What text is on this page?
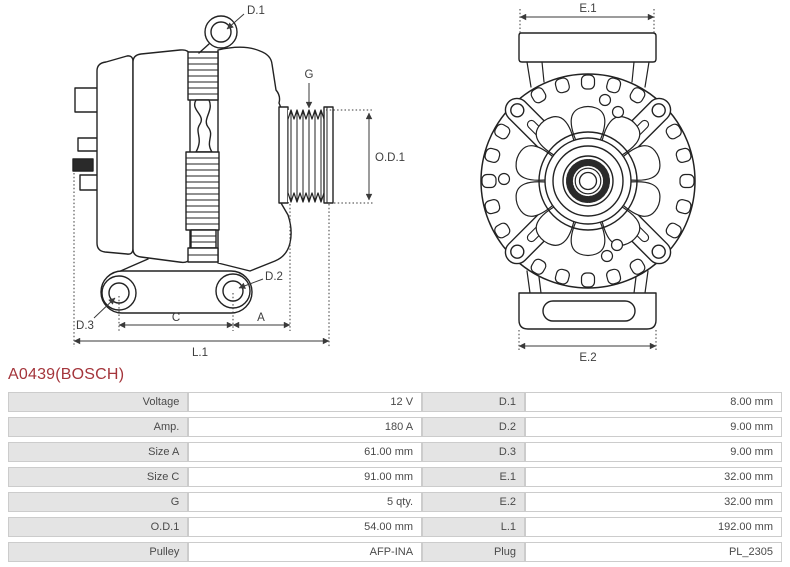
D.1
G
O.D.1
D.2
D.3
C	A
L.1
E.1
E.2
A0439(BOSCH)
Voltage	12 V	D.1	8.00 mm
Amp.	180 A	D.2	9.00 mm
Size A	61.00 mm	D.3	9.00 mm
Size C	91.00 mm	E.1	32.00 mm
G	5 qty.	E.2	32.00 mm
O.D.1	54.00 mm	L.1	192.00 mm
Pulley	AFP-INA	Plug	PL_2305
